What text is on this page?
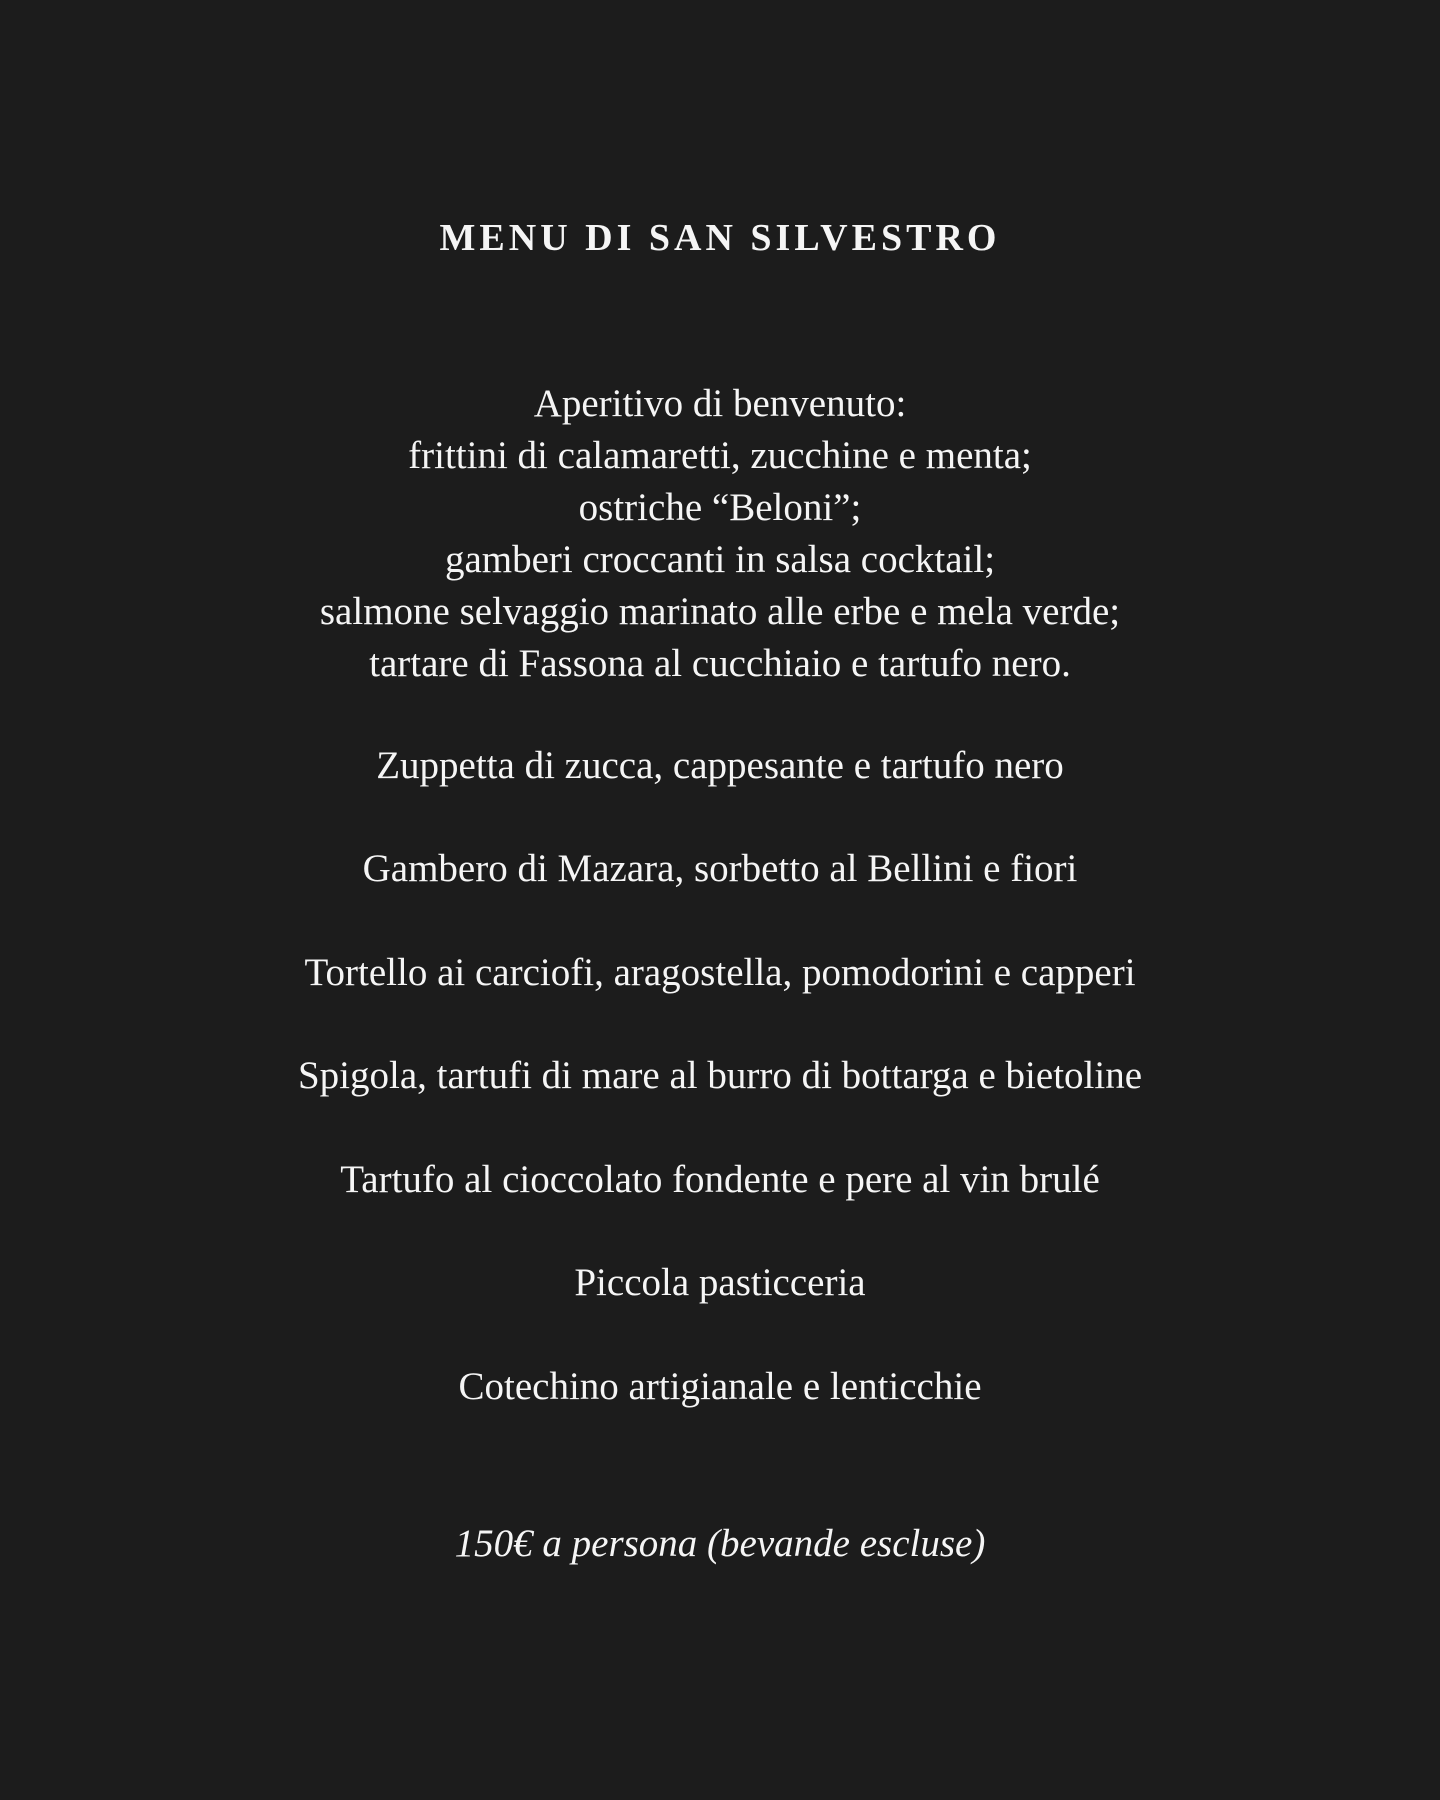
MENU DI SAN SILVESTRO
Aperitivo di benvenuto:
frittini di calamaretti, zucchine e menta;
ostriche “Beloni”;
gamberi croccanti in salsa cocktail;
salmone selvaggio marinato alle erbe e mela verde;
tartare di Fassona al cucchiaio e tartufo nero.
Zuppetta di zucca, cappesante e tartufo nero
Gambero di Mazara, sorbetto al Bellini e fiori
Tortello ai carciofi, aragostella, pomodorini e capperi
Spigola, tartufi di mare al burro di bottarga e bietoline
Tartufo al cioccolato fondente e pere al vin brulé
Piccola pasticceria
Cotechino artigianale e lenticchie
150€ a persona (bevande escluse)
